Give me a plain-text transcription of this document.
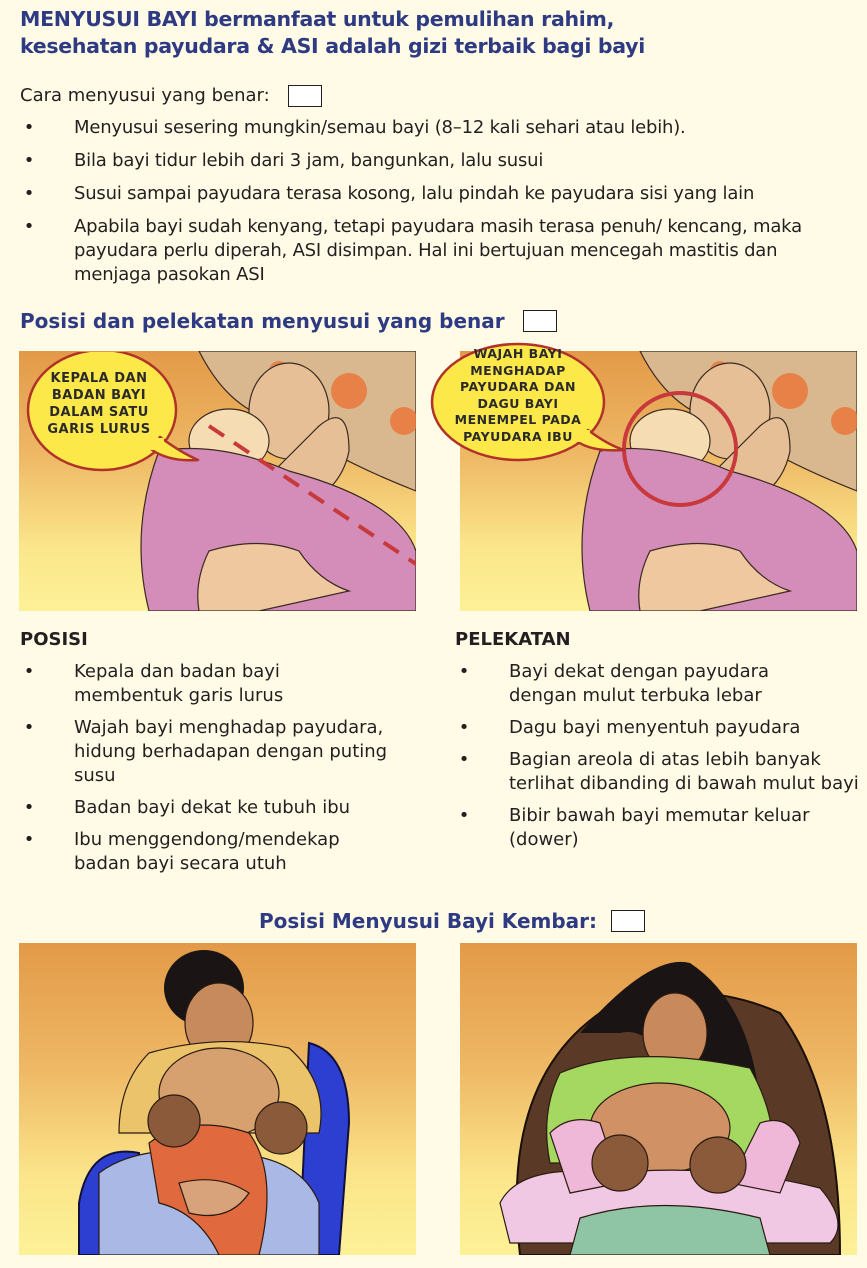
MENYUSUI BAYI bermanfaat untuk pemulihan rahim,
kesehatan payudara & ASI adalah gizi terbaik bagi bayi
Cara menyusui yang benar:
• Menyusui sesering mungkin/semau bayi (8–12 kali sehari atau lebih).
• Bila bayi tidur lebih dari 3 jam, bangunkan, lalu susui
• Susui sampai payudara terasa kosong, lalu pindah ke payudara sisi yang lain
• Apabila bayi sudah kenyang, tetapi payudara masih terasa penuh/ kencang, maka payudara perlu diperah, ASI disimpan. Hal ini bertujuan mencegah mastitis dan menjaga pasokan ASI
Posisi dan pelekatan menyusui yang benar
KEPALA DAN
BADAN BAYI
DALAM SATU
GARIS LURUS
WAJAH BAYI
MENGHADAP
PAYUDARA DAN
DAGU BAYI
MENEMPEL PADA
PAYUDARA IBU
POSISI	PELEKATAN
• Kepala dan badan bayi membentuk garis lurus
• Wajah bayi menghadap payudara, hidung berhadapan dengan puting susu
• Badan bayi dekat ke tubuh ibu
• Ibu menggendong/mendekap badan bayi secara utuh
• Bayi dekat dengan payudara dengan mulut terbuka lebar
• Dagu bayi menyentuh payudara
• Bagian areola di atas lebih banyak terlihat dibanding di bawah mulut bayi
• Bibir bawah bayi memutar keluar (dower)
Posisi Menyusui Bayi Kembar:
